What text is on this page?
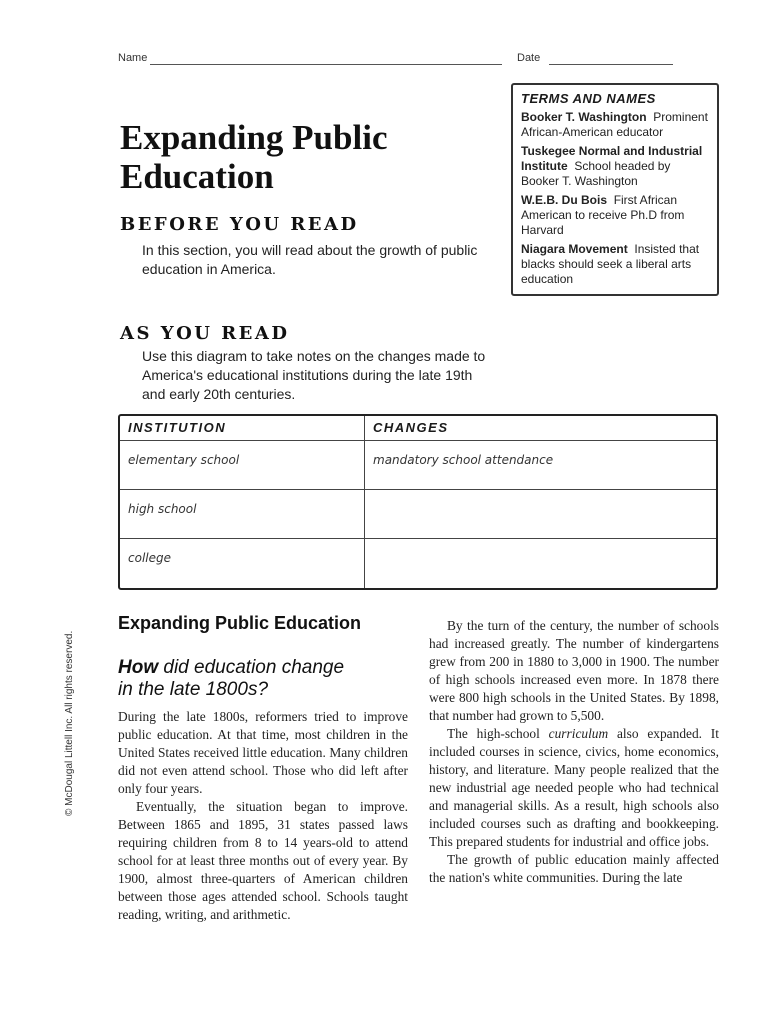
Name	Date
Expanding Public
Education
BEFORE YOU READ
In this section, you will read about the growth of public education in America.
TERMS AND NAMES
Booker T. Washington Prominent African-American educator
Tuskegee Normal and Industrial Institute School headed by Booker T. Washington
W.E.B. Du Bois First African American to receive Ph.D from Harvard
Niagara Movement Insisted that blacks should seek a liberal arts education
AS YOU READ
Use this diagram to take notes on the changes made to America's educational institutions during the late 19th and early 20th centuries.
INSTITUTION	CHANGES
elementary school	mandatory school attendance
high school	
college	
© McDougal Littell Inc. All rights reserved.
Expanding Public Education
How did education change
in the late 1800s?

During the late 1800s, reformers tried to improve public education. At that time, most children in the United States received little education. Many children did not even attend school. Those who did left after only four years.

Eventually, the situation began to improve. Between 1865 and 1895, 31 states passed laws requiring children from 8 to 14 years-old to attend school for at least three months out of every year. By 1900, almost three-quarters of American children between those ages attended school. Schools taught reading, writing, and arithmetic.

By the turn of the century, the number of schools had increased greatly. The number of kindergartens grew from 200 in 1880 to 3,000 in 1900. The number of high schools increased even more. In 1878 there were 800 high schools in the United States. By 1898, that number had grown to 5,500.

The high-school curriculum also expanded. It included courses in science, civics, home economics, history, and literature. Many people realized that the new industrial age needed people who had technical and managerial skills. As a result, high schools also included courses such as drafting and bookkeeping. This prepared students for industrial and office jobs.

The growth of public education mainly affected the nation's white communities. During the late
